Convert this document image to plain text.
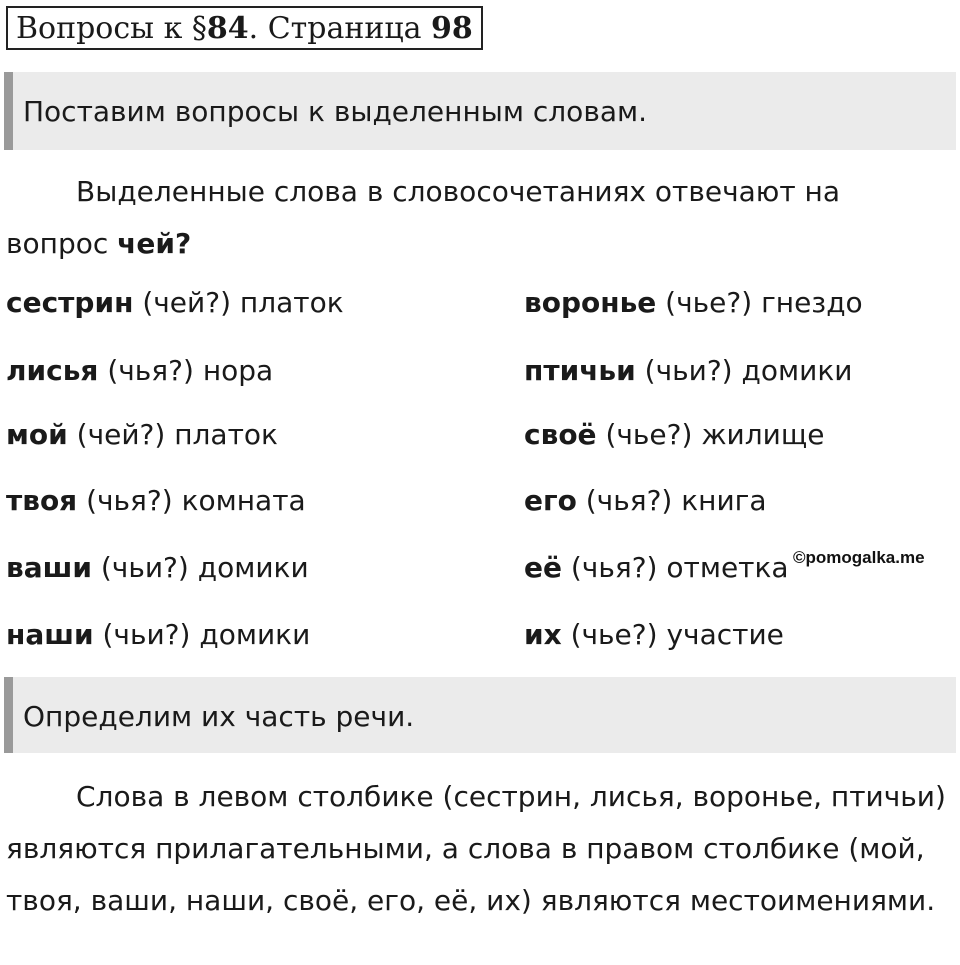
Вопросы к §84. Страница 98
Поставим вопросы к выделенным словам.

Выделенные слова в словосочетаниях отвечают на вопрос чей?

сестрин (чей?) платок
лисья (чья?) нора
мой (чей?) платок
твоя (чья?) комната
ваши (чьи?) домики
наши (чьи?) домики
воронье (чье?) гнездо
птичьи (чьи?) домики
своё (чье?) жилище
его (чья?) книга
её (чья?) отметка
их (чье?) участие
©pomogalka.me
Определим их часть речи.

Слова в левом столбике (сестрин, лисья, воронье, птичьи) являются прилагательными, а слова в правом столбике (мой, твоя, ваши, наши, своё, его, её, их) являются местоимениями.
